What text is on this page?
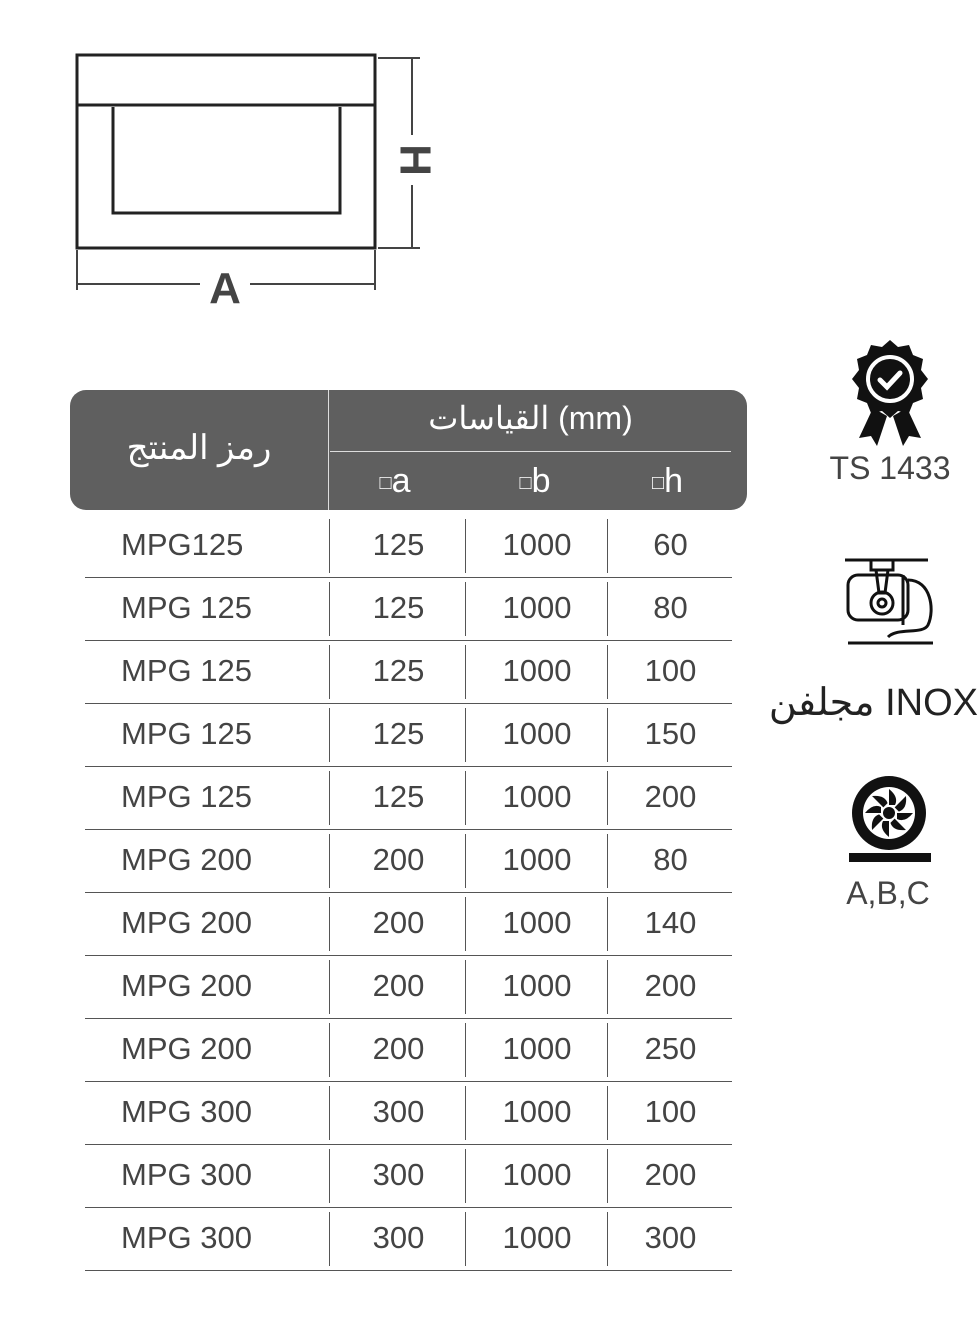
A
H
رمز المنتج
القياسات (mm)
□a	□b	□h
MPG125	125	1000	60
MPG 125	125	1000	80
MPG 125	125	1000	100
MPG 125	125	1000	150
MPG 125	125	1000	200
MPG 200	200	1000	80
MPG 200	200	1000	140
MPG 200	200	1000	200
MPG 200	200	1000	250
MPG 300	300	1000	100
MPG 300	300	1000	200
MPG 300	300	1000	300
TS 1433
INOX مجلفن
A,B,C
